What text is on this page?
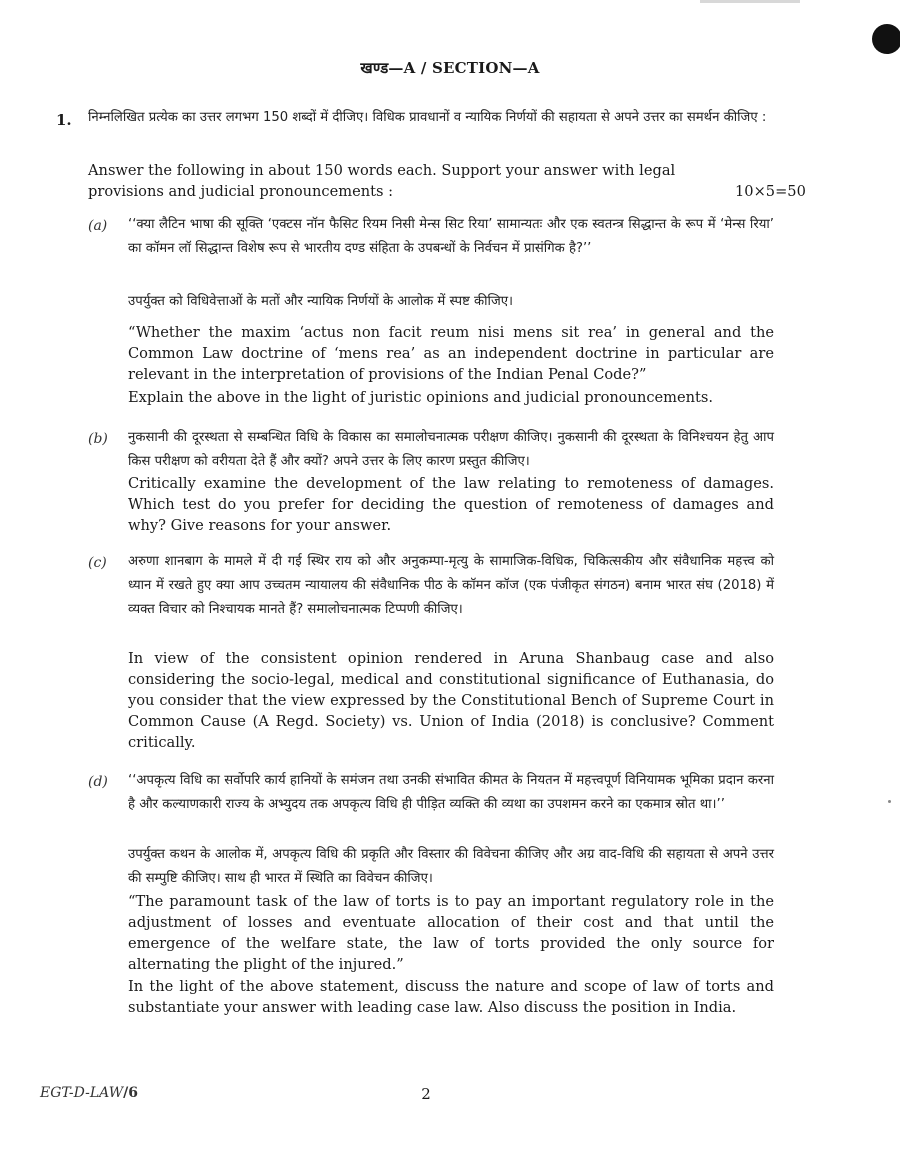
खण्ड—A / SECTION—A
1. निम्नलिखित प्रत्येक का उत्तर लगभग 150 शब्दों में दीजिए। विधिक प्रावधानों व न्यायिक निर्णयों की सहायता से अपने उत्तर का समर्थन कीजिए :

Answer the following in about 150 words each. Support your answer with legal

provisions and judicial pronouncements :	10×5=50
(a) ‘‘क्या लैटिन भाषा की सूक्ति ‘एक्टस नॉन फैसिट रियम निसी मेन्स सिट रिया’ सामान्यतः और एक स्वतन्त्र सिद्धान्त के रूप में ‘मेन्स रिया’ का कॉमन लॉ सिद्धान्त विशेष रूप से भारतीय दण्ड संहिता के उपबन्धों के निर्वचन में प्रासंगिक है?’’
उपर्युक्त को विधिवेत्ताओं के मतों और न्यायिक निर्णयों के आलोक में स्पष्ट कीजिए।
“Whether the maxim ‘actus non facit reum nisi mens sit rea’ in general and the Common Law doctrine of ‘mens rea’ as an independent doctrine in particular are relevant in the interpretation of provisions of the Indian Penal Code?”
Explain the above in the light of juristic opinions and judicial pronouncements.
(b) नुकसानी की दूरस्थता से सम्बन्धित विधि के विकास का समालोचनात्मक परीक्षण कीजिए। नुकसानी की दूरस्थता के विनिश्चयन हेतु आप किस परीक्षण को वरीयता देते हैं और क्यों? अपने उत्तर के लिए कारण प्रस्तुत कीजिए।
Critically examine the development of the law relating to remoteness of damages. Which test do you prefer for deciding the question of remoteness of damages and why? Give reasons for your answer.
(c) अरुणा शानबाग के मामले में दी गई स्थिर राय को और अनुकम्पा-मृत्यु के सामाजिक-विधिक, चिकित्सकीय और संवैधानिक महत्त्व को ध्यान में रखते हुए क्या आप उच्चतम न्यायालय की संवैधानिक पीठ के कॉमन कॉज (एक पंजीकृत संगठन) बनाम भारत संघ (2018) में व्यक्त विचार को निश्चायक मानते हैं? समालोचनात्मक टिप्पणी कीजिए।
In view of the consistent opinion rendered in Aruna Shanbaug case and also considering the socio-legal, medical and constitutional significance of Euthanasia, do you consider that the view expressed by the Constitutional Bench of Supreme Court in Common Cause (A Regd. Society) vs. Union of India (2018) is conclusive? Comment critically.
(d) ‘‘अपकृत्य विधि का सर्वोपरि कार्य हानियों के समंजन तथा उनकी संभावित कीमत के नियतन में महत्त्वपूर्ण विनियामक भूमिका प्रदान करना है और कल्याणकारी राज्य के अभ्युदय तक अपकृत्य विधि ही पीड़ित व्यक्ति की व्यथा का उपशमन करने का एकमात्र स्रोत था।’’
उपर्युक्त कथन के आलोक में, अपकृत्य विधि की प्रकृति और विस्तार की विवेचना कीजिए और अग्र वाद-विधि की सहायता से अपने उत्तर की सम्पुष्टि कीजिए। साथ ही भारत में स्थिति का विवेचन कीजिए।
“The paramount task of the law of torts is to pay an important regulatory role in the adjustment of losses and eventuate allocation of their cost and that until the emergence of the welfare state, the law of torts provided the only source for alternating the plight of the injured.”
In the light of the above statement, discuss the nature and scope of law of torts and substantiate your answer with leading case law. Also discuss the position in India.
EGT-D-LAW/6	2
